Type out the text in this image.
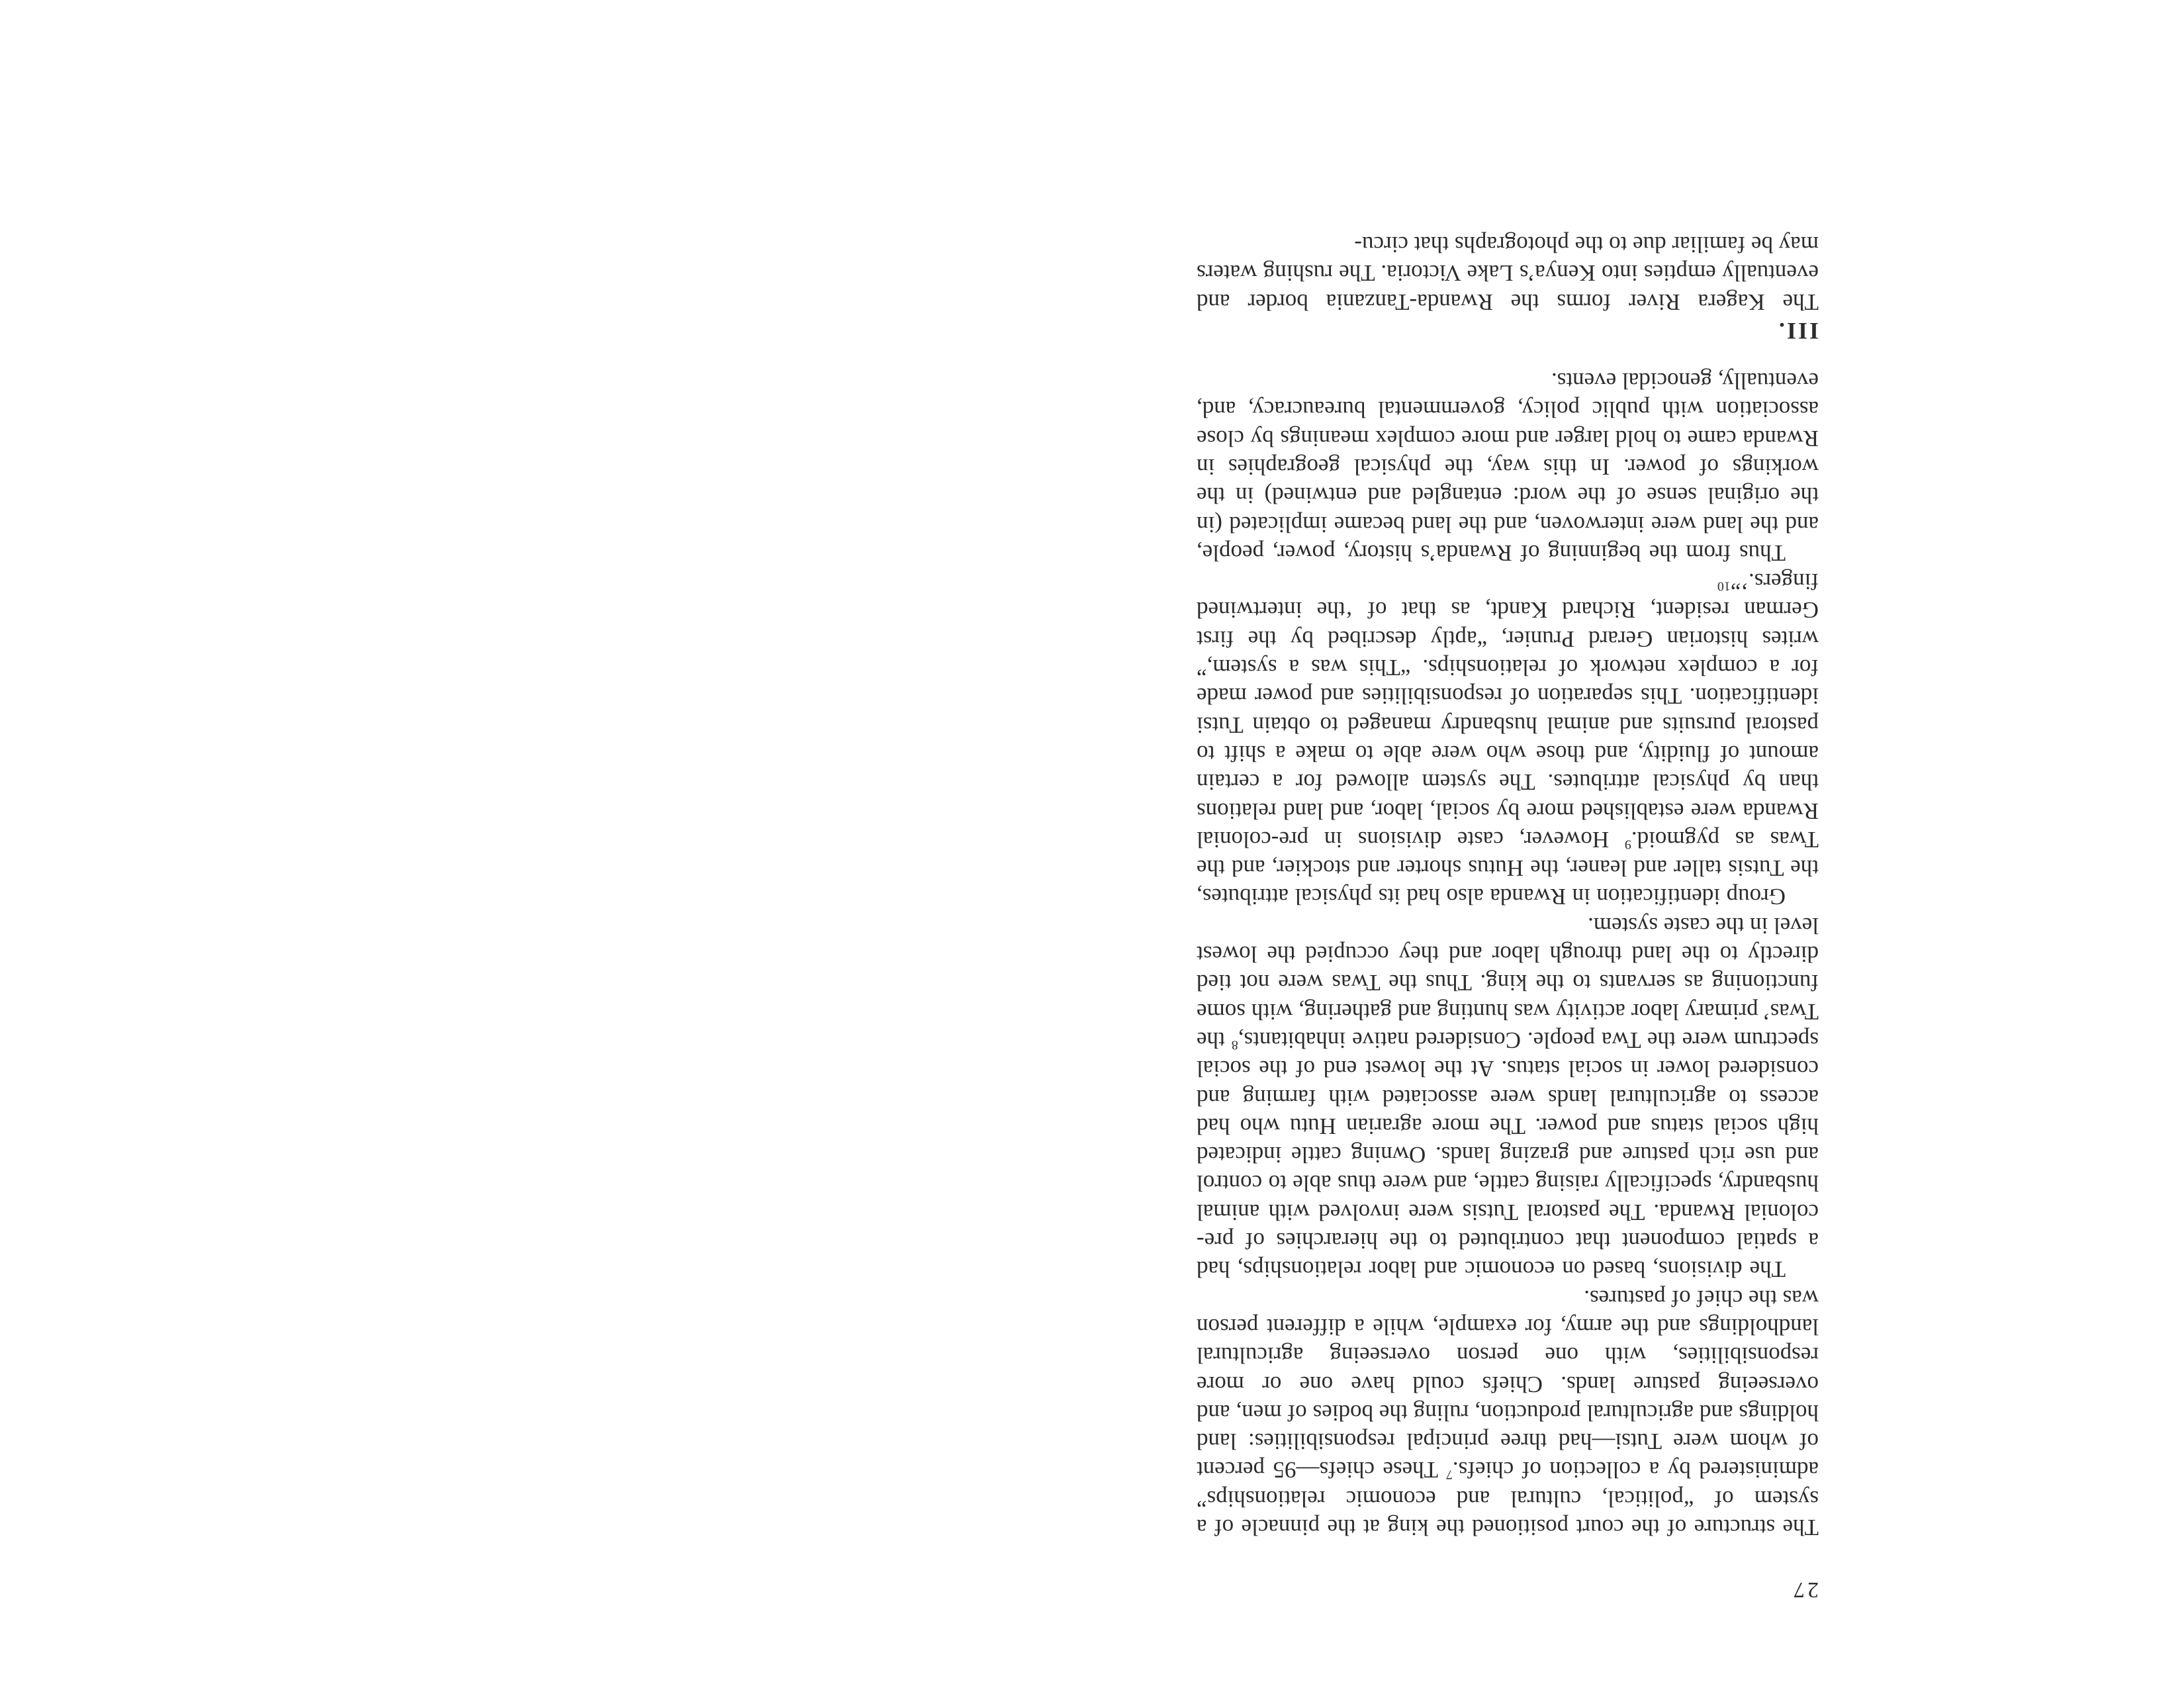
27

The structure of the court positioned the king at the pinnacle of a system of “political, cultural and economic relationships” administered by a collection of chiefs.$^7$ These chiefs—95 percent of whom were Tutsi—had three principal responsibilities: land holdings and agricultural production, ruling the bodies of men, and overseeing pasture lands. Chiefs could have one or more responsibilities, with one person overseeing agricultural landholdings and the army, for example, while a different person was the chief of pastures.

The divisions, based on economic and labor relationships, had a spatial component that contributed to the hierarchies of pre-colonial Rwanda. The pastoral Tutsis were involved with animal husbandry, specifically raising cattle, and were thus able to control and use rich pasture and grazing lands. Owning cattle indicated high social status and power. The more agrarian Hutu who had access to agricultural lands were associated with farming and considered lower in social status. At the lowest end of the social spectrum were the Twa people. Considered native inhabitants,$^8$ the Twas’ primary labor activity was hunting and gathering, with some functioning as servants to the king. Thus the Twas were not tied directly to the land through labor and they occupied the lowest level in the caste system.

Group identification in Rwanda also had its physical attributes, the Tutsis taller and leaner, the Hutus shorter and stockier, and the Twas as pygmoid.$^9$ However, caste divisions in pre-colonial Rwanda were established more by social, labor, and land relations than by physical attributes. The system allowed for a certain amount of fluidity, and those who were able to make a shift to pastoral pursuits and animal husbandry managed to obtain Tutsi identification. This separation of responsibilities and power made for a complex network of relationships. “This was a system,” writes historian Gerard Prunier, “aptly described by the first German resident, Richard Kandt, as that of ‘the intertwined fingers.’”$^{10}$

Thus from the beginning of Rwanda’s history, power, people, and the land were interwoven, and the land became implicated (in the original sense of the word: entangled and entwined) in the workings of power. In this way, the physical geographies in Rwanda came to hold larger and more complex meanings by close association with public policy, governmental bureaucracy, and, eventually, genocidal events.

III.

The Kagera River forms the Rwanda-Tanzania border and eventually empties into Kenya’s Lake Victoria. The rushing waters may be familiar due to the photographs that circu-
